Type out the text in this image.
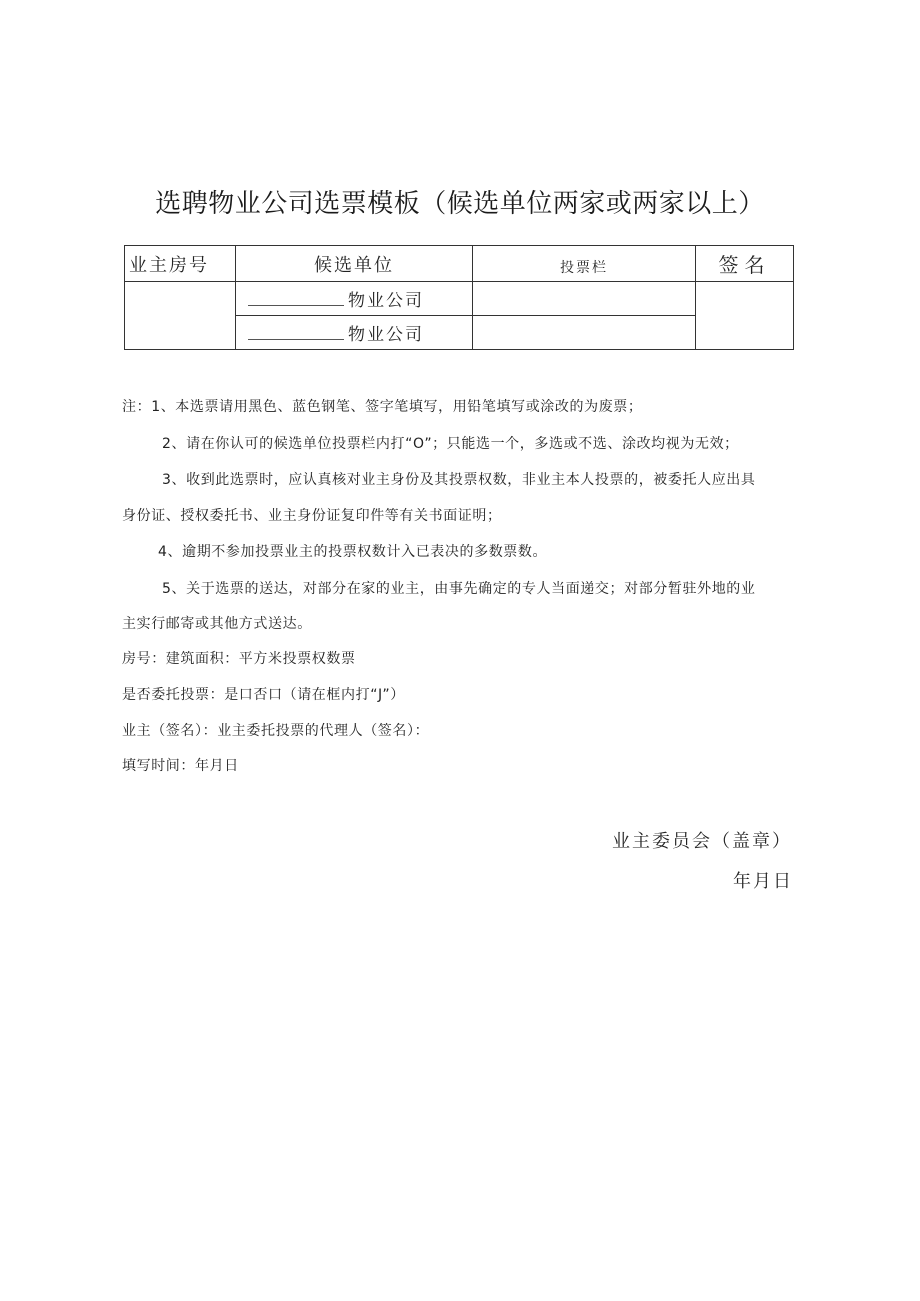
选聘物业公司选票模板（候选单位两家或两家以上）
业主房号	候选单位	投票栏	签名
	物业公司		
	物业公司		
注：1、本选票请用黑色、蓝色钢笔、签字笔填写，用铅笔填写或涂改的为废票；
2、请在你认可的候选单位投票栏内打“O”；只能选一个，多选或不选、涂改均视为无效；
3、收到此选票时，应认真核对业主身份及其投票权数，非业主本人投票的，被委托人应出具
身份证、授权委托书、业主身份证复印件等有关书面证明；
4、逾期不参加投票业主的投票权数计入已表决的多数票数。
5、关于选票的送达，对部分在家的业主，由事先确定的专人当面递交；对部分暂驻外地的业
主实行邮寄或其他方式送达。
房号：建筑面积：平方米投票权数票
是否委托投票：是口否口（请在框内打“J”）
业主（签名）：业主委托投票的代理人（签名）：
填写时间：年月日
业主委员会（盖章）
年月日
